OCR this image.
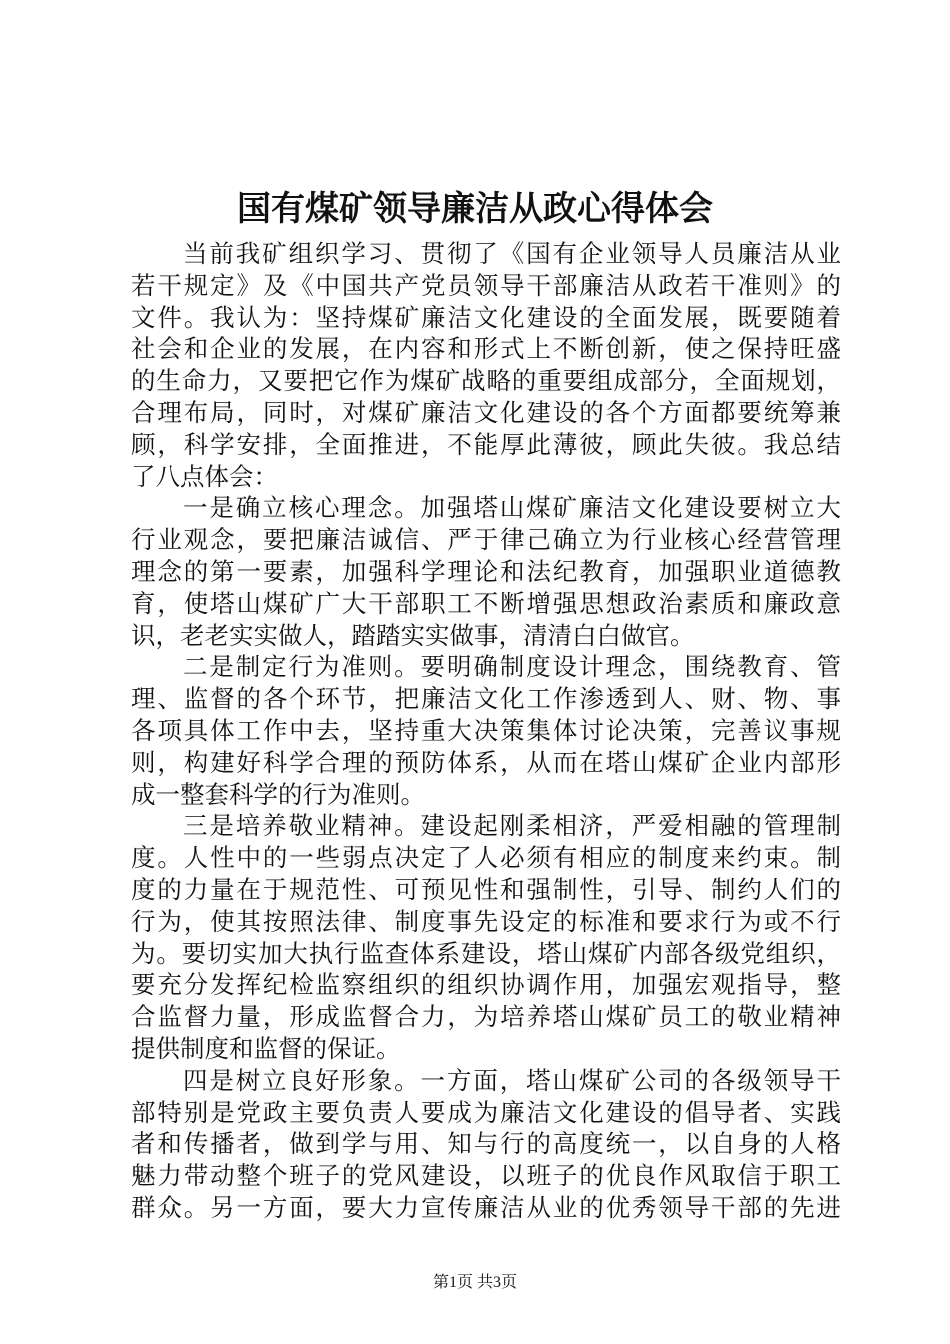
国有煤矿领导廉洁从政心得体会
当前我矿组织学习、贯彻了《国有企业领导人员廉洁从业
若干规定》及《中国共产党员领导干部廉洁从政若干准则》的
文件。我认为：坚持煤矿廉洁文化建设的全面发展，既要随着
社会和企业的发展，在内容和形式上不断创新，使之保持旺盛
的生命力，又要把它作为煤矿战略的重要组成部分，全面规划，
合理布局，同时，对煤矿廉洁文化建设的各个方面都要统筹兼
顾，科学安排，全面推进，不能厚此薄彼，顾此失彼。我总结
了八点体会：
一是确立核心理念。加强塔山煤矿廉洁文化建设要树立大
行业观念，要把廉洁诚信、严于律己确立为行业核心经营管理
理念的第一要素，加强科学理论和法纪教育，加强职业道德教
育，使塔山煤矿广大干部职工不断增强思想政治素质和廉政意
识，老老实实做人，踏踏实实做事，清清白白做官。
二是制定行为准则。要明确制度设计理念，围绕教育、管
理、监督的各个环节，把廉洁文化工作渗透到人、财、物、事
各项具体工作中去，坚持重大决策集体讨论决策，完善议事规
则，构建好科学合理的预防体系，从而在塔山煤矿企业内部形
成一整套科学的行为准则。
三是培养敬业精神。建设起刚柔相济，严爱相融的管理制
度。人性中的一些弱点决定了人必须有相应的制度来约束。制
度的力量在于规范性、可预见性和强制性，引导、制约人们的
行为，使其按照法律、制度事先设定的标准和要求行为或不行
为。要切实加大执行监查体系建设，塔山煤矿内部各级党组织，
要充分发挥纪检监察组织的组织协调作用，加强宏观指导，整
合监督力量，形成监督合力，为培养塔山煤矿员工的敬业精神
提供制度和监督的保证。
四是树立良好形象。一方面，塔山煤矿公司的各级领导干
部特别是党政主要负责人要成为廉洁文化建设的倡导者、实践
者和传播者，做到学与用、知与行的高度统一，以自身的人格
魅力带动整个班子的党风建设，以班子的优良作风取信于职工
群众。另一方面，要大力宣传廉洁从业的优秀领导干部的先进
第1页 共3页
